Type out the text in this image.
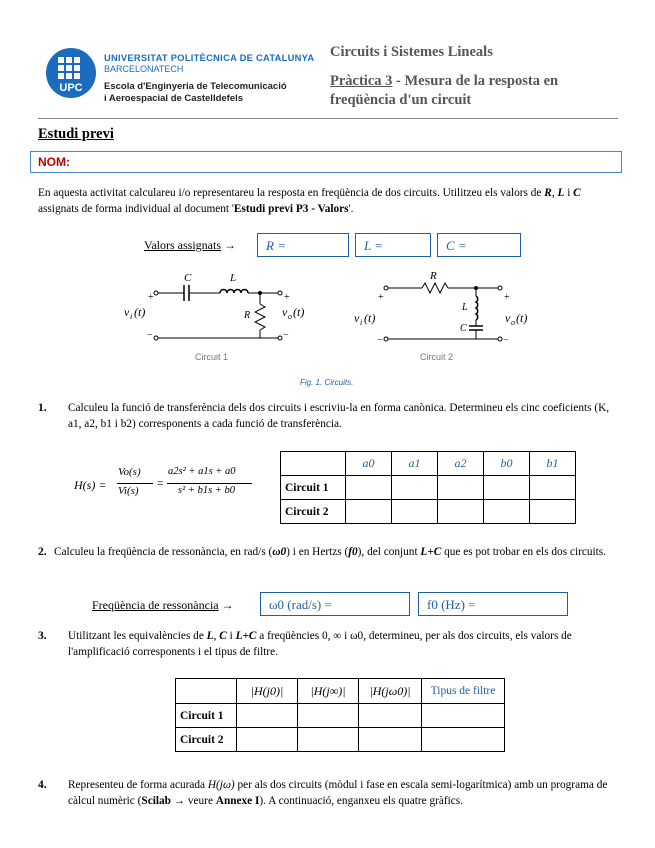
UPC
UNIVERSITAT POLITÈCNICA DE CATALUNYA
BARCELONATECH
Escola d'Enginyeria de Telecomunicació
i Aeroespacial de Castelldefels
Circuits i Sistemes Lineals
Pràctica 3 - Mesura de la resposta en
freqüència d'un circuit
Estudi previ
NOM:
En aquesta activitat calculareu i/o representareu la resposta en freqüència de dos circuits. Utilitzeu els valors de R, L i C assignats de forma individual al document 'Estudi previ P3 - Valors'.
Valors assignats →	R =	L =	C =
C	L
R
+
−
+
−
v i (t)	v o (t)
R
L
C
+
−
+
−
v i (t)	v o (t)
Circuit 1	Circuit 2
Fig. 1. Circuits.
1. Calculeu la funció de transferència dels dos circuits i escriviu-la en forma canònica. Determineu els cinc coeficients (K, a1, a2, b1 i b2) corresponents a cada funció de transferència.
H(s) =
Vo(s)
Vi(s)
=
a2s² + a1s + a0
s² + b1s + b0
	a0	a1	a2	b0	b1
Circuit 1					
Circuit 2					
2. Calculeu la freqüència de ressonància, en rad/s (ω0) i en Hertzs (f0), del conjunt L+C que es pot trobar en els dos circuits.
Freqüència de ressonància →	ω0 (rad/s) =	f0 (Hz) =
3. Utilitzant les equivalències de L, C i L+C a freqüències 0, ∞ i ω0, determineu, per als dos circuits, els valors de l'amplificació corresponents i el tipus de filtre.
	|H(j0)|	|H(j∞)|	|H(jω0)|	Tipus de filtre
Circuit 1				
Circuit 2				
4. Representeu de forma acurada H(jω) per als dos circuits (mòdul i fase en escala semi-logarítmica) amb un programa de càlcul numèric (Scilab → veure Annexe I). A continuació, enganxeu els quatre gràfics.
